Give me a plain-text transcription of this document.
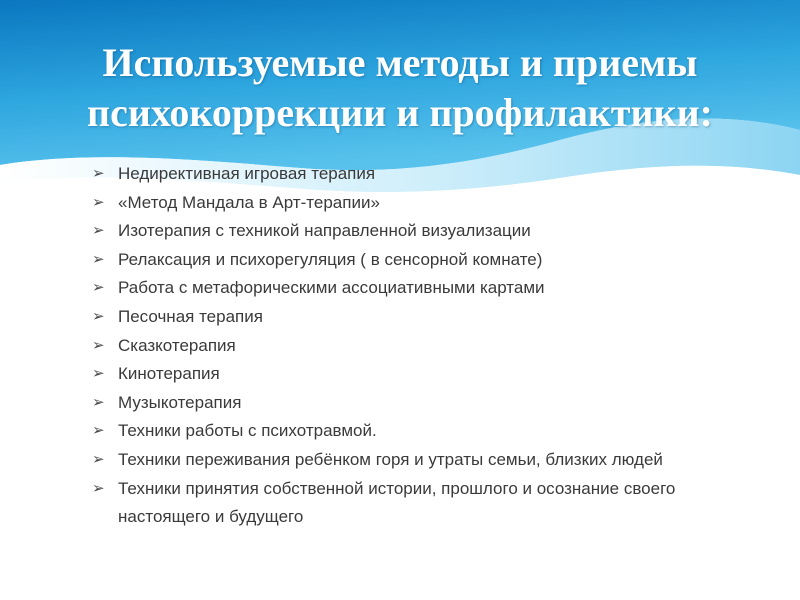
Используемые методы и приемы
психокоррекции и профилактики:
➢ Недирективная игровая терапия
➢ «Метод Мандала в Арт-терапии»
➢ Изотерапия с техникой направленной визуализации
➢ Релаксация и психорегуляция ( в сенсорной комнате)
➢ Работа с метафорическими ассоциативными картами
➢ Песочная терапия
➢ Сказкотерапия
➢ Кинотерапия
➢ Музыкотерапия
➢ Техники работы с психотравмой.
➢ Техники переживания ребёнком горя и утраты семьи, близких людей
➢ Техники принятия собственной истории, прошлого и осознание своего настоящего и будущего
